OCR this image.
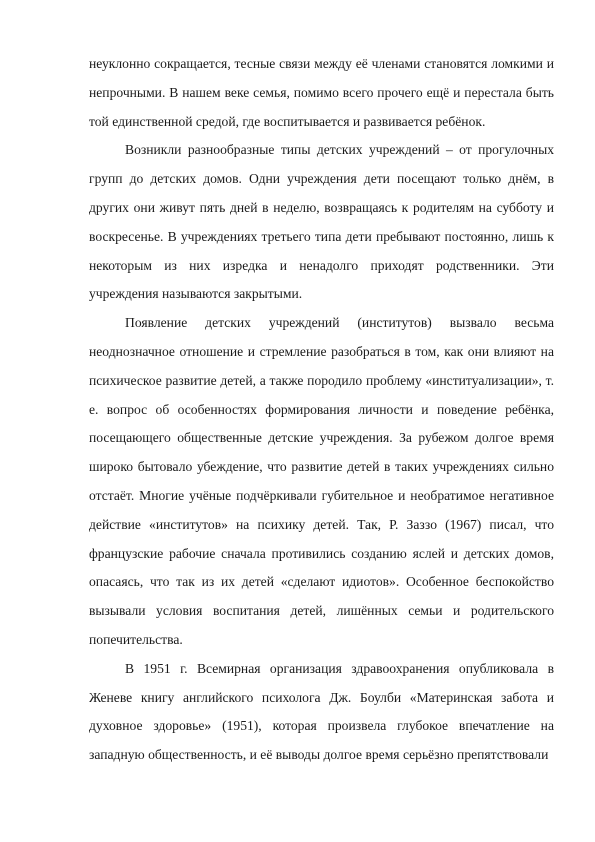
неуклонно сокращается, тесные связи между её членами становятся ломкими и непрочными. В нашем веке семья, помимо всего прочего ещё и перестала быть той единственной средой, где воспитывается и развивается ребёнок.

Возникли разнообразные типы детских учреждений – от прогулочных групп до детских домов. Одни учреждения дети посещают только днём, в других они живут пять дней в неделю, возвращаясь к родителям на субботу и воскресенье. В учреждениях третьего типа дети пребывают постоянно, лишь к некоторым из них изредка и ненадолго приходят родственники. Эти учреждения называются закрытыми.

Появление детских учреждений (институтов) вызвало весьма неоднозначное отношение и стремление разобраться в том, как они влияют на психическое развитие детей, а также породило проблему «институализации», т. е. вопрос об особенностях формирования личности и поведение ребёнка, посещающего общественные детские учреждения. За рубежом долгое время широко бытовало убеждение, что развитие детей в таких учреждениях сильно отстаёт. Многие учёные подчёркивали губительное и необратимое негативное действие «институтов» на психику детей. Так, Р. Заззо (1967) писал, что французские рабочие сначала противились созданию яслей и детских домов, опасаясь, что так из их детей «сделают идиотов». Особенное беспокойство вызывали условия воспитания детей, лишённых семьи и родительского попечительства.

В 1951 г. Всемирная организация здравоохранения опубликовала в Женеве книгу английского психолога Дж. Боулби «Материнская забота и духовное здоровье» (1951), которая произвела глубокое впечатление на западную общественность, и её выводы долгое время серьёзно препятствовали
